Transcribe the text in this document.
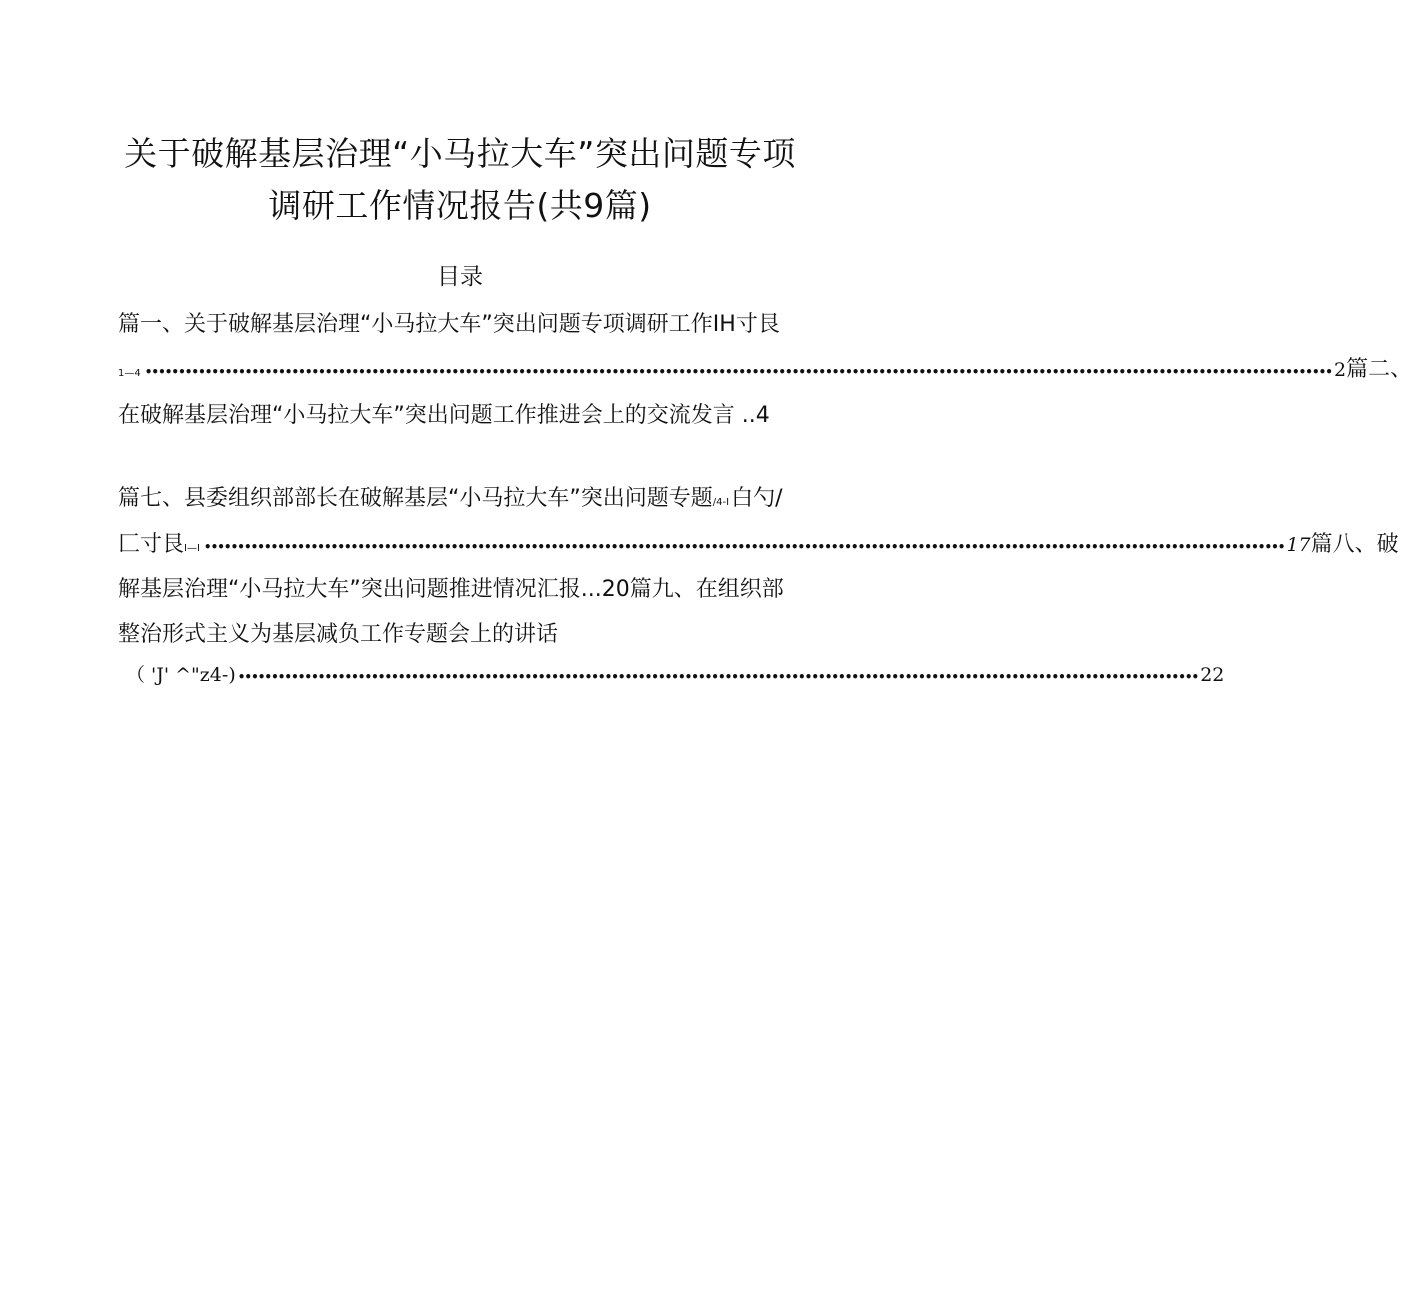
关于破解基层治理“小马拉大车”突出问题专项
调研工作情况报告(共9篇)
目录
篇一、关于破解基层治理“小马拉大车”突出问题专项调研工作IH寸艮
1—4 •••••••••••••••••••••••••••••••••••••••••••••••••••••••••••••••••••••••••••••••••••••••••••••••••••••••••••••••••••••••••••••••••••••••••••••••••••••••••••••••••••••••••••••••••• 2 篇二、
在破解基层治理“小马拉大车”突出问题工作推进会上的交流发言 ..4
篇七、县委组织部部长在破解基层“小马拉大车”突出问题专题 /4-I 白勺/
匚寸艮 I—I •••••••••••••••••••••••••••••••••••••••••••••••••••••••••••••••••••••••••••••••••••••••••••••••••••••••••••••••••••••••••••••••••••••••••••••••••••••••••••••••••• 17 篇八、破
解基层治理“小马拉大车”突出问题推进情况汇报...20篇九、在组织部
整治形式主义为基层减负工作专题会上的讲话
（ 'J' ^"z4-) •••••••••••••••••••••••••••••••••••••••••••••••••••••••••••••••••••••••••••••••••••••••••••••••••••••••••••••••••••••••••••••••••••••••••••••••• 22
